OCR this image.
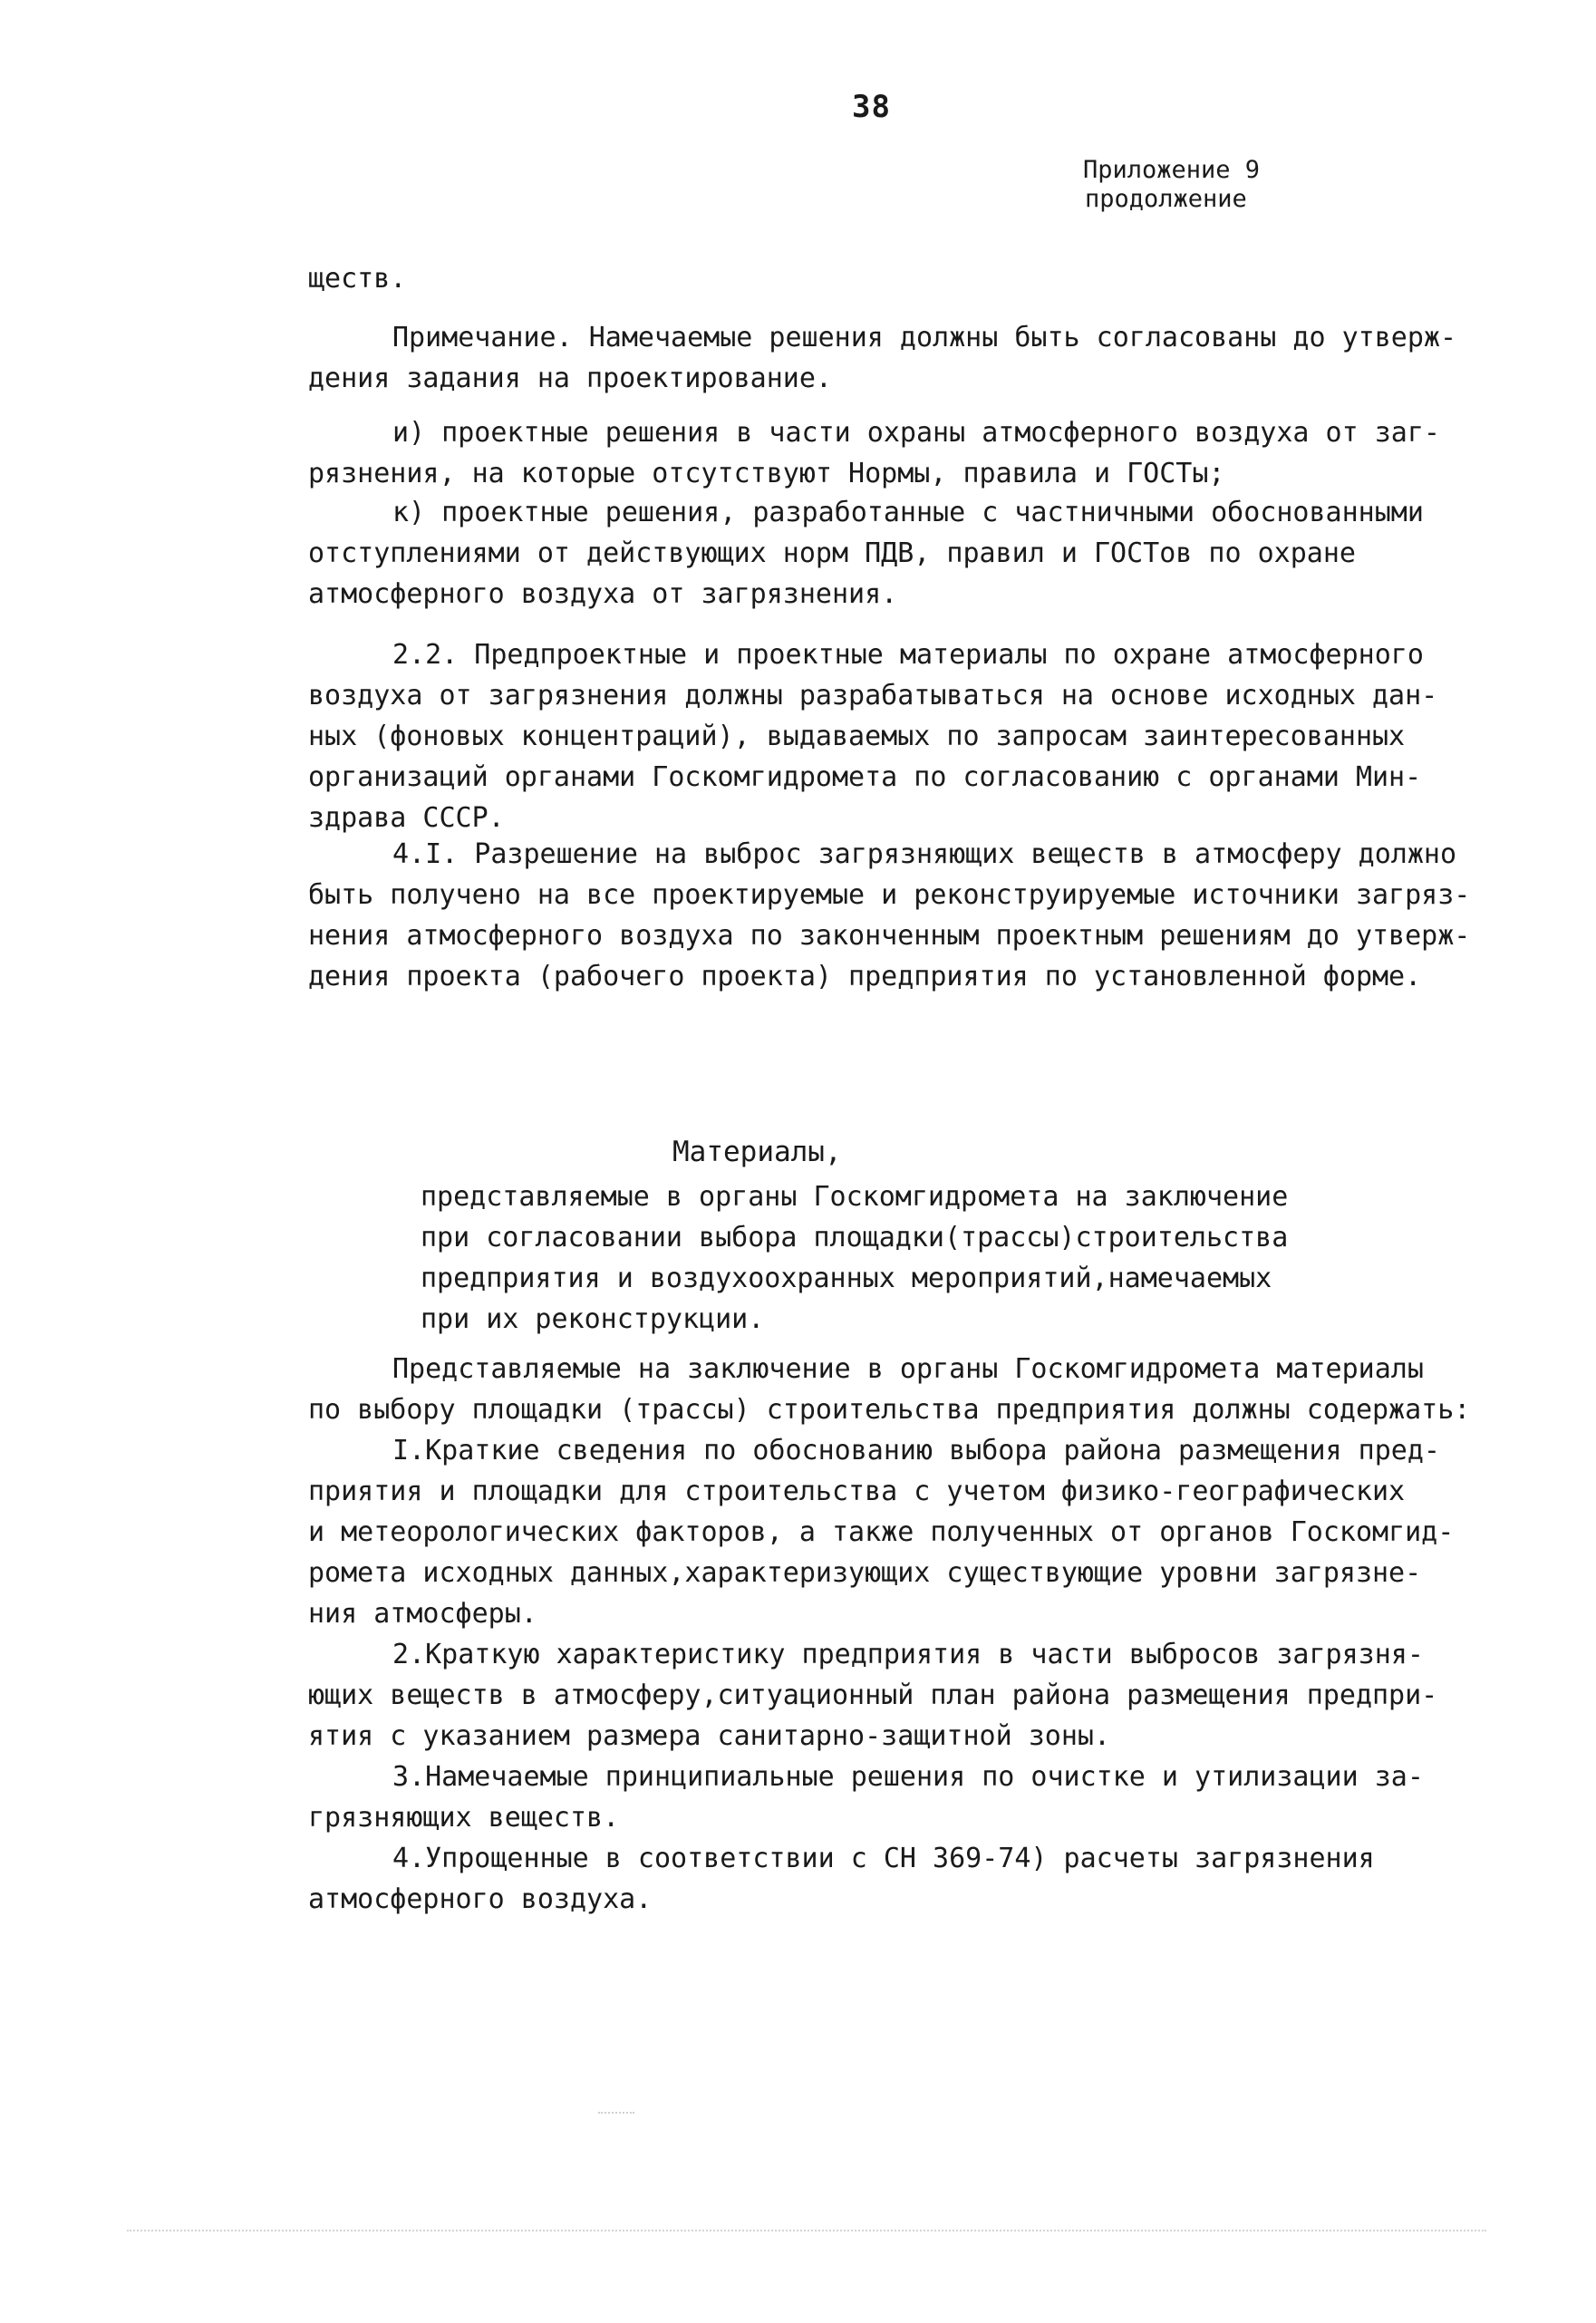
38
Приложение 9
продолжение
ществ.
Примечание. Намечаемые решения должны быть согласованы до утверж-
дения задания на проектирование.
и) проектные решения в части охраны атмосферного воздуха от заг-
рязнения, на которые отсутствуют Нормы, правила и ГОСТы;
к) проектные решения, разработанные с частничными обоснованными
отступлениями от действующих норм ПДВ, правил и ГОСТов по охране
атмосферного воздуха от загрязнения.
2.2. Предпроектные и проектные материалы по охране атмосферного
воздуха от загрязнения должны разрабатываться на основе исходных дан-
ных (фоновых концентраций), выдаваемых по запросам заинтересованных
организаций органами Госкомгидромета по согласованию с органами Мин-
здрава СССР.
4.I. Разрешение на выброс загрязняющих веществ в атмосферу должно
быть получено на все проектируемые и реконструируемые источники загряз-
нения атмосферного воздуха по законченным проектным решениям до утверж-
дения проекта (рабочего проекта) предприятия по установленной форме.
Материалы,
представляемые в органы Госкомгидромета на заключение
при согласовании выбора площадки(трассы)строительства
предприятия и воздухоохранных мероприятий,намечаемых
при их реконструкции.
Представляемые на заключение в органы Госкомгидромета материалы
по выбору площадки (трассы) строительства предприятия должны содержать:
I.Краткие сведения по обоснованию выбора района размещения пред-
приятия и площадки для строительства с учетом физико-географических
и метеорологических факторов, а также полученных от органов Госкомгид-
ромета исходных данных,характеризующих существующие уровни загрязне-
ния атмосферы.
2.Краткую характеристику предприятия в части выбросов загрязня-
ющих веществ в атмосферу,ситуационный план района размещения предпри-
ятия с указанием размера санитарно-защитной зоны.
3.Намечаемые принципиальные решения по очистке и утилизации за-
грязняющих веществ.
4.Упрощенные в соответствии с СН 369-74) расчеты загрязнения
атмосферного воздуха.
